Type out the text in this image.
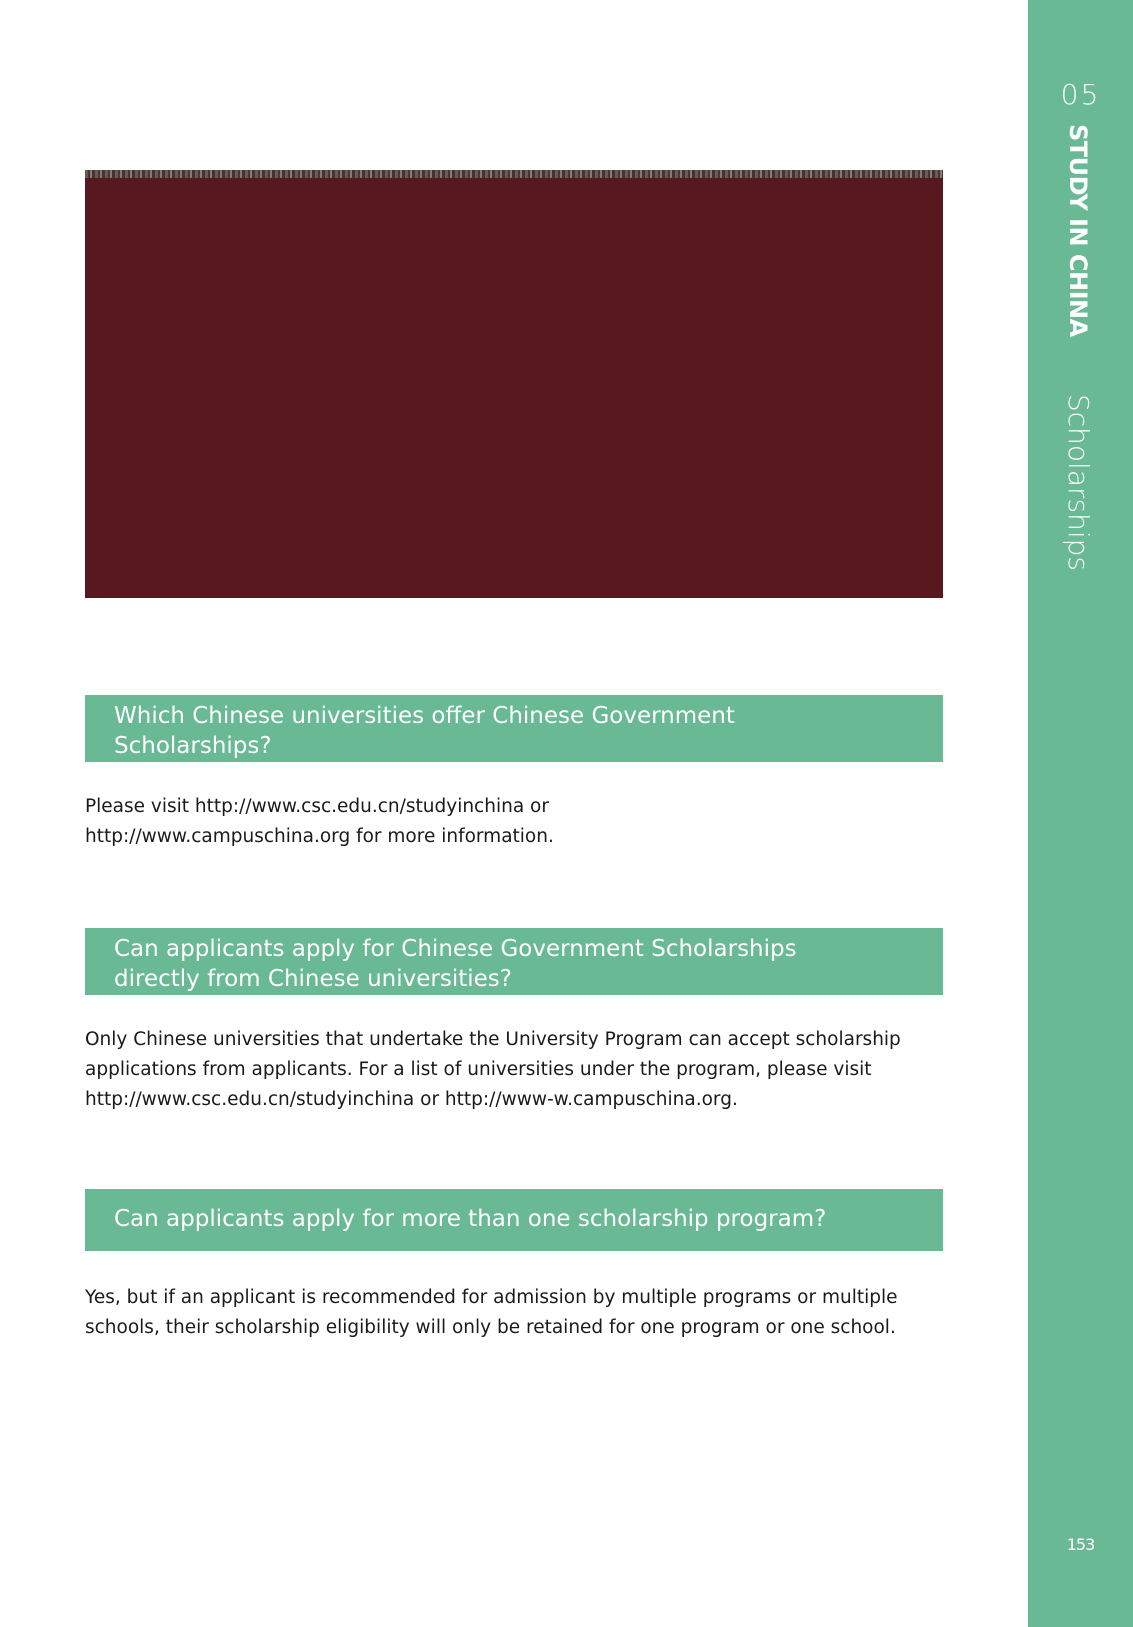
05
STUDY IN CHINA
Scholarships
153
Which Chinese universities offer Chinese Government
Scholarships?

Please visit http://www.csc.edu.cn/studyinchina or
http://www.campuschina.org for more information.

Can applicants apply for Chinese Government Scholarships
directly from Chinese universities?

Only Chinese universities that undertake the University Program can accept scholarship
applications from applicants. For a list of universities under the program, please visit
http://www.csc.edu.cn/studyinchina or http://www-w.campuschina.org.

Can applicants apply for more than one scholarship program?

Yes, but if an applicant is recommended for admission by multiple programs or multiple
schools, their scholarship eligibility will only be retained for one program or one school.
